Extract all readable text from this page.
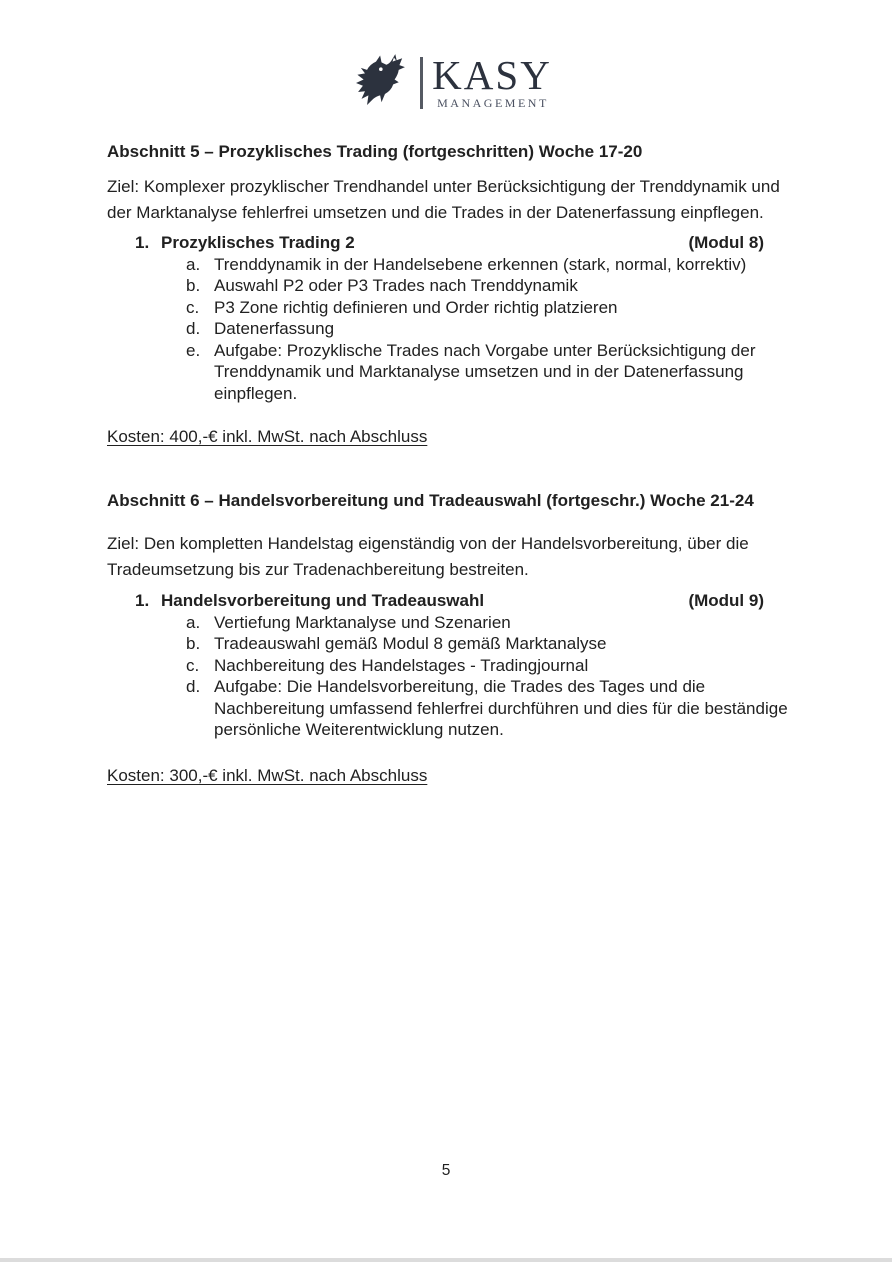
KASY
MANAGEMENT
Abschnitt 5 – Prozyklisches Trading (fortgeschritten) Woche 17-20

Ziel: Komplexer prozyklischer Trendhandel unter Berücksichtigung der Trenddynamik und der Marktanalyse fehlerfrei umsetzen und die Trades in der Datenerfassung einpflegen.

1. Prozyklisches Trading 2	(Modul 8)
a. Trenddynamik in der Handelsebene erkennen (stark, normal, korrektiv)
b. Auswahl P2 oder P3 Trades nach Trenddynamik
c. P3 Zone richtig definieren und Order richtig platzieren
d. Datenerfassung
e. Aufgabe: Prozyklische Trades nach Vorgabe unter Berücksichtigung der Trenddynamik und Marktanalyse umsetzen und in der Datenerfassung einpflegen.
Kosten: 400,-€ inkl. MwSt. nach Abschluss
Abschnitt 6 – Handelsvorbereitung und Tradeauswahl (fortgeschr.) Woche 21-24

Ziel: Den kompletten Handelstag eigenständig von der Handelsvorbereitung, über die Tradeumsetzung bis zur Tradenachbereitung bestreiten.

1. Handelsvorbereitung und Tradeauswahl	(Modul 9)
a. Vertiefung Marktanalyse und Szenarien
b. Tradeauswahl gemäß Modul 8 gemäß Marktanalyse
c. Nachbereitung des Handelstages - Tradingjournal
d. Aufgabe: Die Handelsvorbereitung, die Trades des Tages und die Nachbereitung umfassend fehlerfrei durchführen und dies für die beständige persönliche Weiterentwicklung nutzen.
Kosten: 300,-€ inkl. MwSt. nach Abschluss
5
